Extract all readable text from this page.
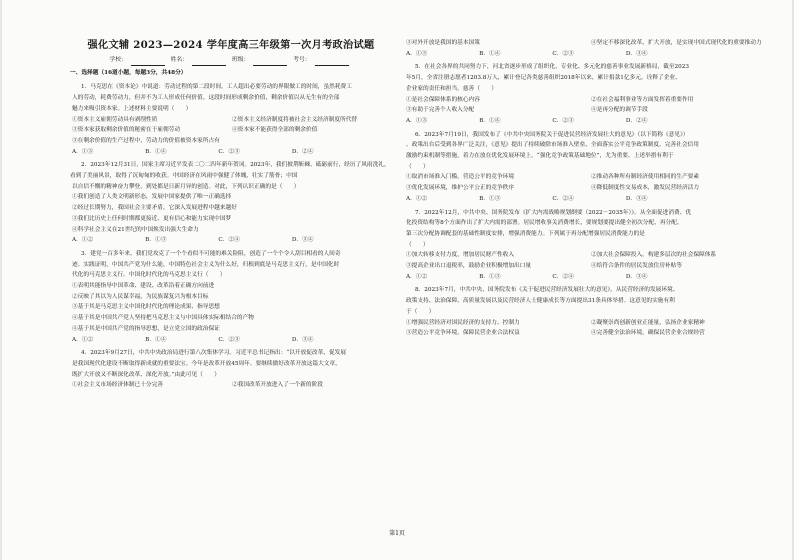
强化文辅 2023—2024 学年度高三年级第一次月考政治试题
学校：	姓名：	班级：	考号：
一、选择题（16道小题，每题3分，共48分）
1．马克思在《资本论》中说道：劳动过程的第二段时间，工人超出必要劳动的界限做工的时间，虽然耗费工
人的劳动，耗费劳动力，但并不为工人形成任何价值。这段时间形成剩余价值，剩余价值以从无生有的全部
魅力来吸引资本家。上述材料主要说明（　　）
①资本主义雇佣劳动具有剥削性质	②资本主义经济制度将被社会主义经济制度所代替
③资本家获取剩余价值的秘密在于雇佣劳动	④资本家不能获得全部的剩余价值
③在剩余价值的生产过程中，劳动力的价值被资本家所占有
A．①③	B．①④	C．②③	D．②④
2．2023年12月31日，国家主席习近平发表二〇二四年新年贺词。2023年，我们披荆斩棘、砥砺前行，经历了风雨洗礼，看到了美丽风景，取得了沉甸甸的收获。中国经济在风雨中强健了体魄，壮实了筋骨；中国
以自信不懈的精神奋力攀登，到处都是日新月异的创造。对此，下列认识正确的是（　　）
①我们创造了人类文明新形态，发展中国家提供了唯一正确选择
②经过长期努力，我国社会主要矛盾，它深入发展进程中越来越好
③我们比历史上任何时期都更接近、更有信心和能力实现中国梦
④科学社会主义在21世纪的中国焕发出强大生命力
A．①②	B．①③	C．②④	D．③④
3．建党一百多年来，我们党攻克了一个个看似不可能的难关险阻，创造了一个个令人刮目相看的人间奇
迹。实践证明，中国共产党为什么能，中国特色社会主义为什么好，归根到底是马克思主义行，是中国化时
代化的马克思主义行。中国化时代化的马克思主义行（　　）
①表明其能指导中国革命、建设、改革沿着正确方向前进
②反映了其以为人民谋幸福，为民族谋复兴为根本目标
③基于其是马克思主义中国化时代化的理论成果、指导思想
④基于其是中国共产党人坚持把马克思主义与中国具体实际相结合的产物
④基于其是中国共产党的指导思想，是立党立国的政治保证
A．①②	B．①④	C．②③	D．③④
4．2023年9月27日，中共中央政治局进行第八次集体学习。习近平总书记指出：“以开放促改革、促发展
是我国现代化建设不断取得新成就的重要法宝。今年是改革开放45周年。要继续做好改革开放这篇大文章，
既扩大开放又不断深化改革、深化开放。”由此可见（　　）
①社会主义市场经济体制已十分完善	②我国改革开放进入了一个新的阶段
③对外开放是我国的基本国策	④坚定不移深化改革、扩大开放，是实现中国式现代化的重要推动力
A．①③	B．①④	C．②③	D．③④
5．在社会各界的共同努力下，河北省逐步形成了组织化、专业化、多元化的慈善事业发展新格局，截至2023
年5月，全省注册志愿者1203.8万人，累计登记各类慈善组织2018年以来，累计捐款1亿多元，诠释了企业、
企业家的责任和担当。慈善（　　）
①是社会保障体系的核心内容	②在社会福利事业等方面发挥着重要作用
③有助于完善个人收入分配	④是再分配的调节手段
A．①③	B．①④	C．②③	D．②④
6．2023年7月19日，我国发布了《中共中央国务院关于促进民营经济发展壮大的意见》（以下简称《意见》）
。政策出台后受到各界广泛关注，《意见》提出了持续破除市场准入壁垒、全面落实公平竞争政策制度，完善社会信用
激励约束机制等措施，着力在放在优化发展环境上，“强化竞争政策基础地位”，尤为重要。上述举措有利于
（　　）
①取消市场准入门槛，营造公平的竞争环境	②推动各种所有制经济使用相同的生产要素
③优化发展环境，维护公平公正的竞争秩序	④降低制度性交易成本，激发民营经济活力
A．①②	B．①③	C．②④	D．③④
7．2022年12月，中共中央、国务院发布《扩大内需战略规划纲要（2022－2035年）》。从全面促进消费、优
化投资结构等8个方面作出了扩大内需的部署。居民增收事关消费增长，要规划要提出健全初次分配、再分配、
第三次分配协调配套的基础性制度安排，增强消费能力。下列属于再分配增强居民消费能力的是
（　　）
①加大转移支付力度，增加居民财产性收入	②加大社会保障投入，构建多层次的社会保障体系
③提高企业出口退税率，鼓励企业积极增加出口量	④给符合条件的居民发放住房补贴等
A．①②	B．①③	C．②④	D．③④
8．2023年7月，中共中央、国务院发布《关于促进民营经济发展壮大的意见》，从民营经济的发展环境、
政策支持、法治保障、高质量发展以及民营经济人士健康成长等方面提出31条具体举措。这意见的实施有利
于（　　）
①增强民营经济对国民经济的支持力、控制力	②凝聚崇尚创新创业正能量，弘扬企业家精神
③营造公平竞争环境，保障民营企业合法权益	④完善健全法治环境，确保民营企业合规经营
第1页
